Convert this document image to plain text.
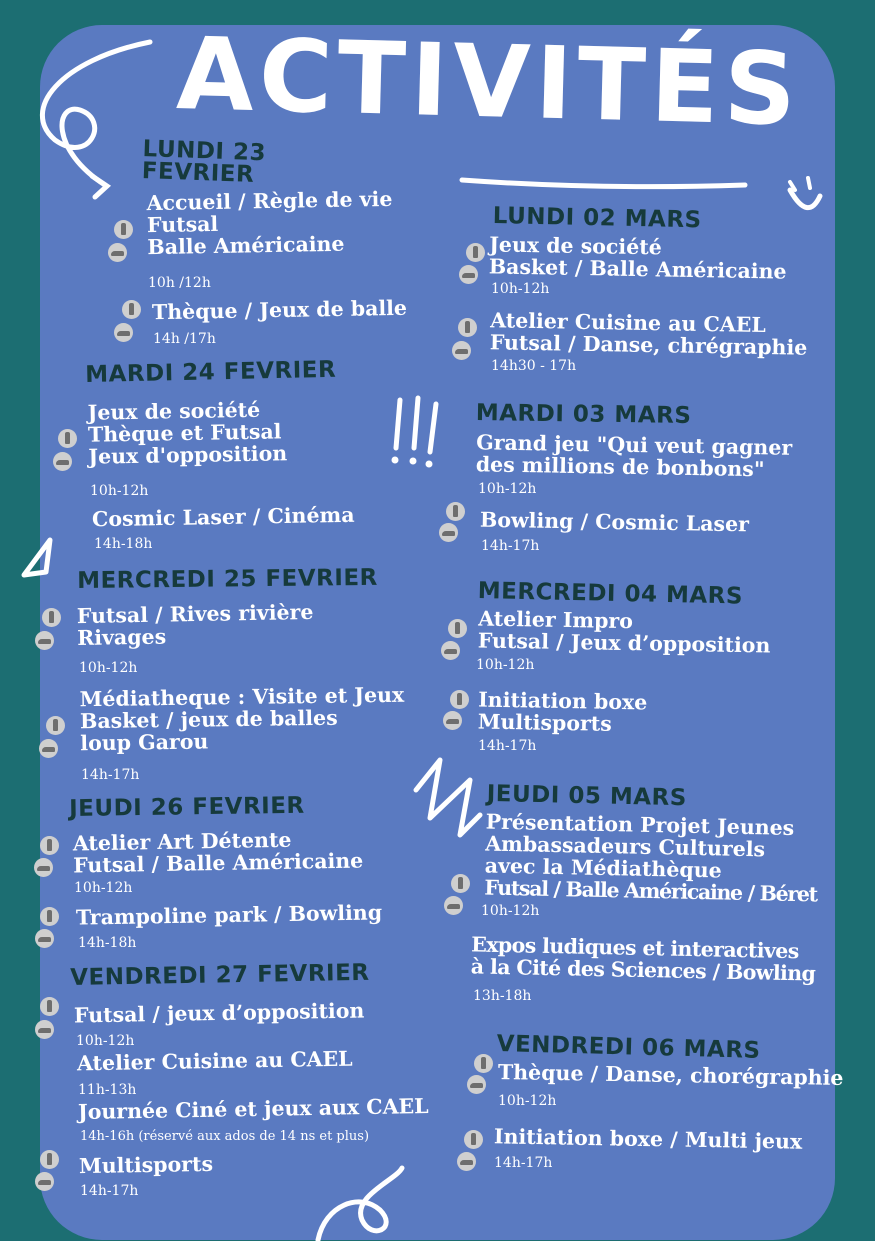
ACTIVITÉS
LUNDI 23
FEVRIER
Accueil / Règle de vie
Futsal
Balle Américaine
10h /12h
Thèque / Jeux de balle
14h /17h
MARDI 24 FEVRIER
Jeux de société
Thèque et Futsal
Jeux d'opposition
10h-12h
Cosmic Laser / Cinéma
14h-18h
MERCREDI 25 FEVRIER
Futsal / Rives rivière
Rivages
10h-12h
Médiatheque : Visite et Jeux
Basket / jeux de balles
loup Garou
14h-17h
JEUDI 26 FEVRIER
Atelier Art Détente
Futsal / Balle Américaine
10h-12h
Trampoline park / Bowling
14h-18h
VENDREDI 27 FEVRIER
Futsal / jeux d’opposition
10h-12h
Atelier Cuisine au CAEL
11h-13h
Journée Ciné et jeux aux CAEL
14h-16h (réservé aux ados de 14 ns et plus)
Multisports
14h-17h
LUNDI 02 MARS
Jeux de société
Basket / Balle Américaine
10h-12h
Atelier Cuisine au CAEL
Futsal / Danse, chrégraphie
14h30 - 17h
MARDI 03 MARS
Grand jeu "Qui veut gagner
des millions de bonbons"
10h-12h
Bowling / Cosmic Laser
14h-17h
MERCREDI 04 MARS
Atelier Impro
Futsal / Jeux d’opposition
10h-12h
Initiation boxe
Multisports
14h-17h
JEUDI 05 MARS
Présentation Projet Jeunes
Ambassadeurs Culturels
avec la Médiathèque
Futsal / Balle Américaine / Béret
10h-12h
Expos ludiques et interactives
à la Cité des Sciences / Bowling
13h-18h
VENDREDI 06 MARS
Thèque / Danse, chorégraphie
10h-12h
Initiation boxe / Multi jeux
14h-17h
